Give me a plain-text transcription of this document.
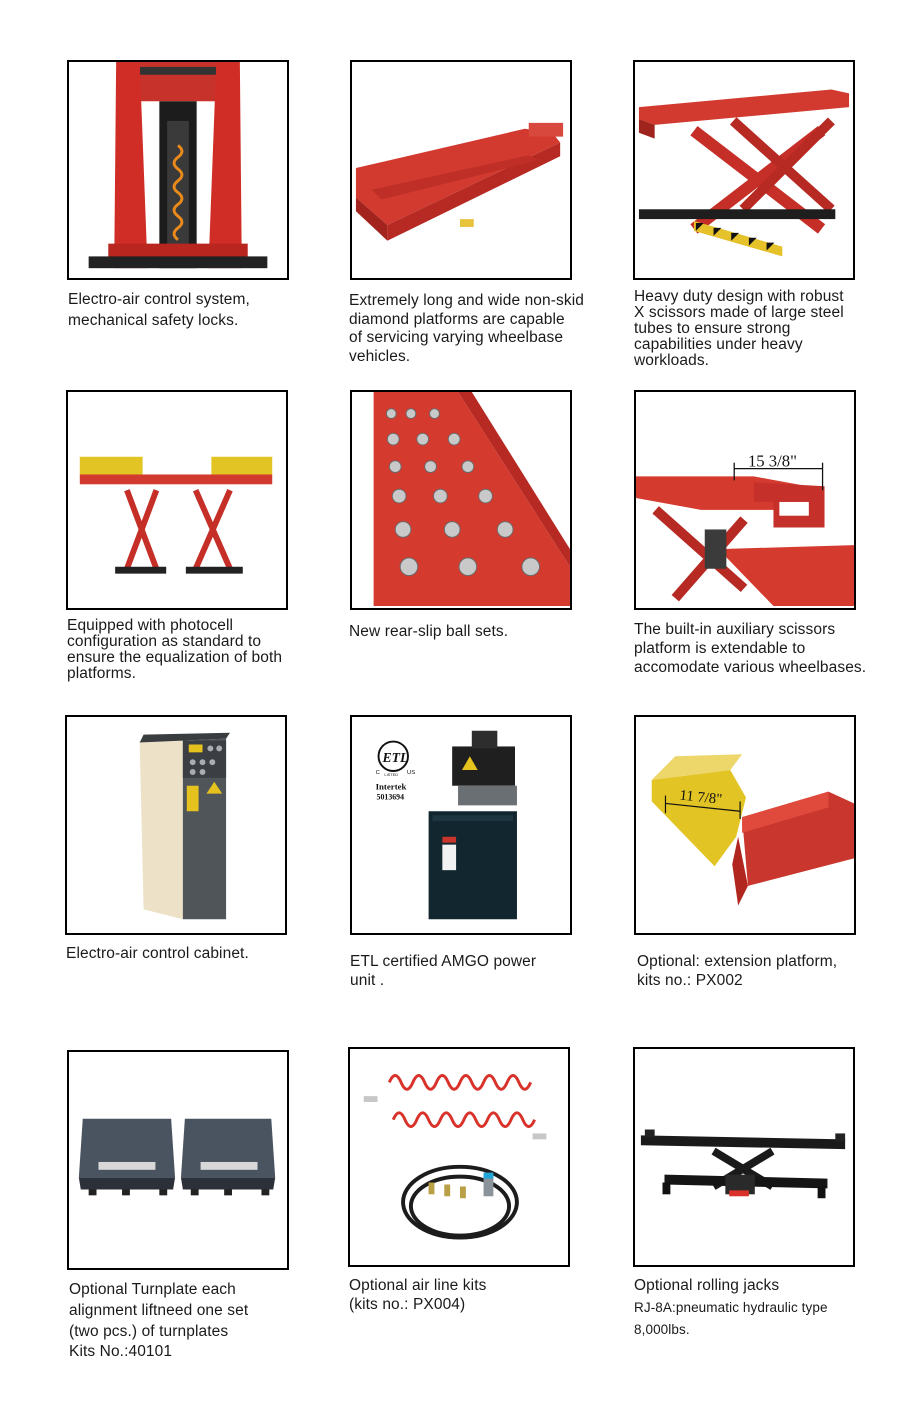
Electro-air control system,
mechanical safety locks.
Extremely long and wide non-skid
diamond platforms are capable
of servicing varying wheelbase
vehicles.
Heavy duty design with robust
X scissors made of large steel
tubes to ensure strong
capabilities under heavy
workloads.
Equipped with photocell
configuration as standard to
ensure the equalization of both
platforms.
New rear-slip ball sets.
15 3/8"
The built-in auxiliary scissors
platform is extendable to
accomodate various wheelbases.
Electro-air control cabinet.
ETL
C	US
LISTED
Intertek
5013694
ETL certified AMGO power
unit .
11 7/8"
Optional: extension platform,
kits no.: PX002
Optional Turnplate each
alignment liftneed one set
(two pcs.) of turnplates
Kits No.:40101
Optional air line kits
(kits no.: PX004)
Optional rolling jacks
RJ-8A:pneumatic hydraulic type
8,000lbs.
